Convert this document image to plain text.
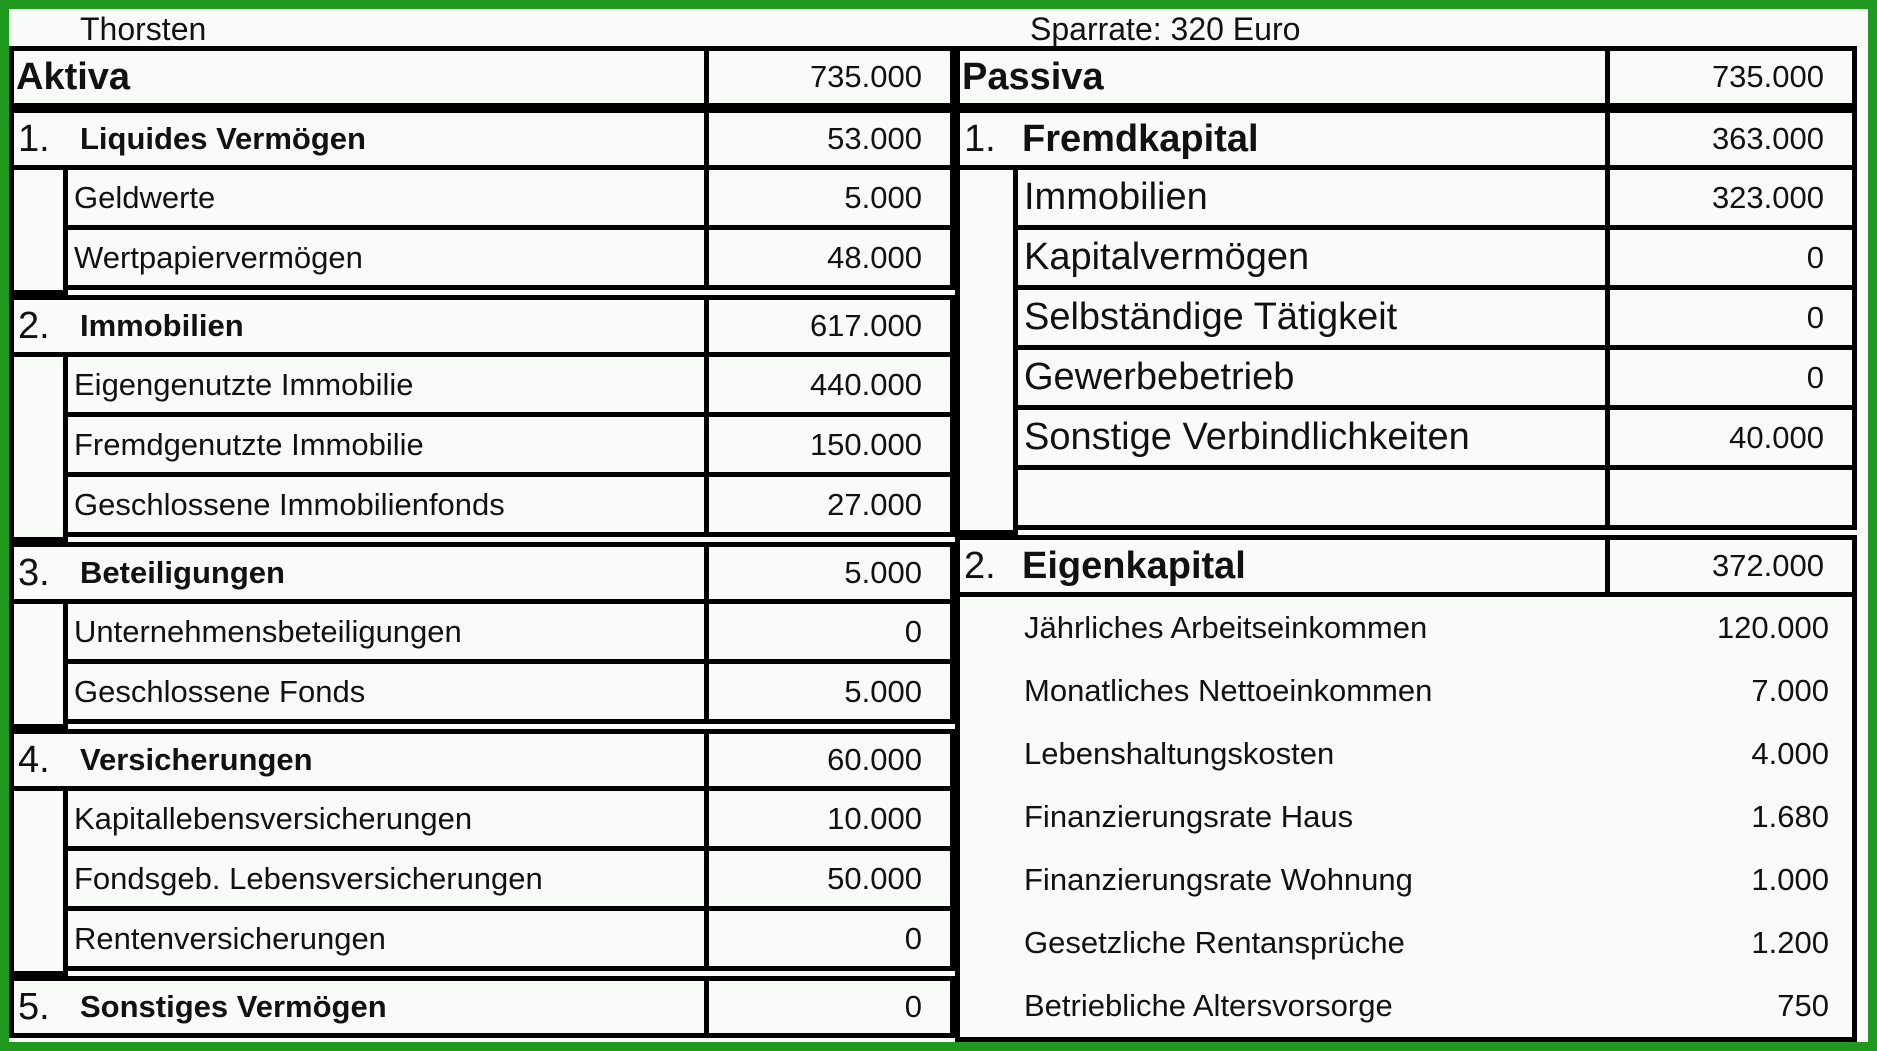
Thorsten	Sparrate: 320 Euro
Aktiva	735.000
1. Liquides Vermögen	53.000
Geldwerte	5.000
Wertpapiervermögen	48.000
2. Immobilien	617.000
Eigengenutzte Immobilie	440.000
Fremdgenutzte Immobilie	150.000
Geschlossene Immobilienfonds	27.000
3. Beteiligungen	5.000
Unternehmensbeteiligungen	0
Geschlossene Fonds	5.000
4. Versicherungen	60.000
Kapitallebensversicherungen	10.000
Fondsgeb. Lebensversicherungen	50.000
Rentenversicherungen	0
5. Sonstiges Vermögen	0
Passiva	735.000
1. Fremdkapital	363.000
Immobilien	323.000
Kapitalvermögen	0
Selbständige Tätigkeit	0
Gewerbebetrieb	0
Sonstige Verbindlichkeiten	40.000
2. Eigenkapital	372.000
Jährliches Arbeitseinkommen	120.000
Monatliches Nettoeinkommen	7.000
Lebenshaltungskosten	4.000
Finanzierungsrate Haus	1.680
Finanzierungsrate Wohnung	1.000
Gesetzliche Rentansprüche	1.200
Betriebliche Altersvorsorge	750
